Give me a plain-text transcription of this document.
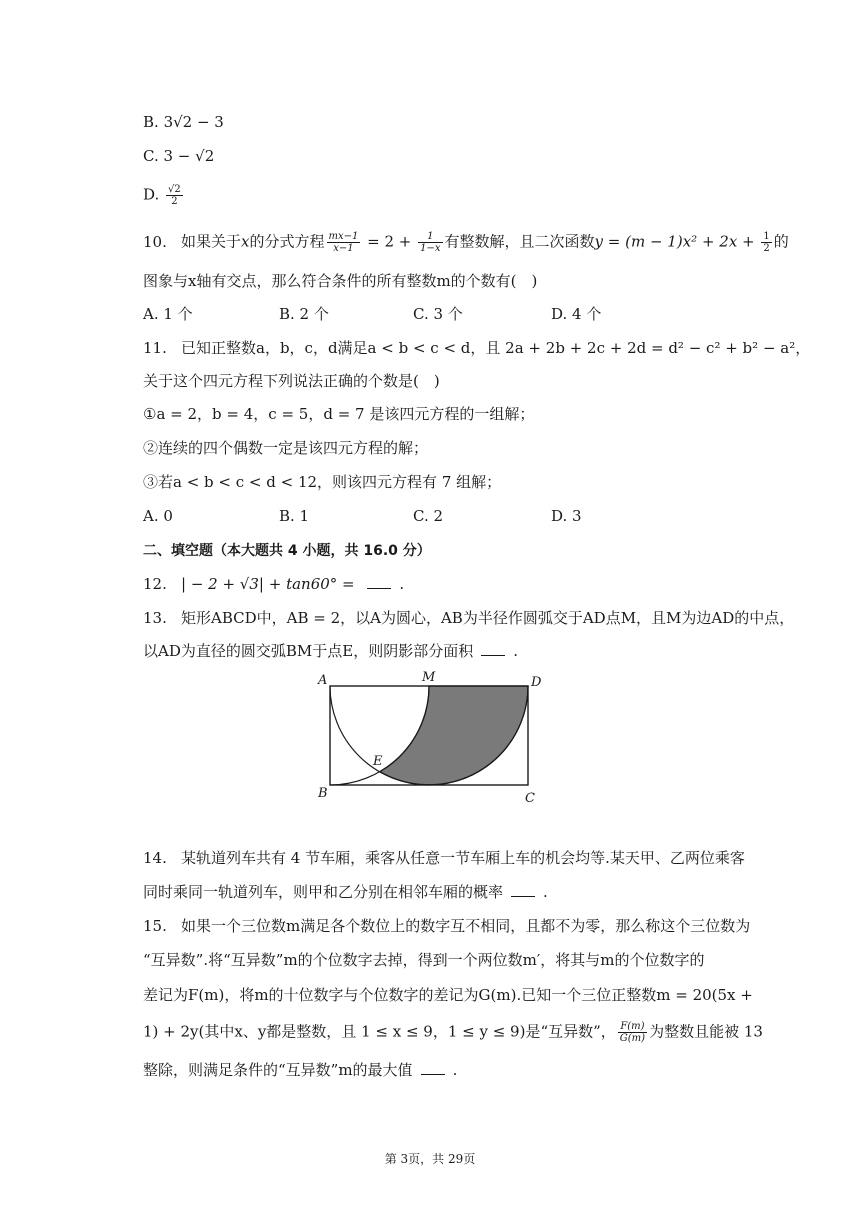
B. 3√2 − 3
C. 3 − √2
D. $\frac{√2}{2}$
10. 如果关于x的分式方程 $\frac{mx-1}{x-1} = 2 + \frac{1}{1-x}$ 有整数解，且二次函数$y = (m - 1)x^2 + 2x + \frac{1}{2}$ 的
图象与x轴有交点，那么符合条件的所有整数m的个数有(　)
A. 1 个	B. 2 个	C. 3 个	D. 4 个
11. 已知正整数a，b，c，d满足a < b < c < d，且 2a + 2b + 2c + 2d = d² − c² + b² − a²，
关于这个四元方程下列说法正确的个数是(　)
①a = 2，b = 4，c = 5，d = 7 是该四元方程的一组解；
②连续的四个偶数一定是该四元方程的解；
③若a < b < c < d < 12，则该四元方程有 7 组解；
A. 0	B. 1	C. 2	D. 3
二、填空题（本大题共 4 小题，共 16.0 分）
12. | − 2 + √3| + tan60° =	.
13. 矩形ABCD中，AB = 2，以A为圆心，AB为半径作圆弧交于AD点M，且M为边AD的中点，
以AD为直径的圆交弧BM于点E，则阴影部分面积	.
A	M	D
E
B	C
14. 某轨道列车共有 4 节车厢，乘客从任意一节车厢上车的机会均等.某天甲、乙两位乘客
同时乘同一轨道列车，则甲和乙分别在相邻车厢的概率	.
15. 如果一个三位数m满足各个数位上的数字互不相同，且都不为零，那么称这个三位数为
“互异数”.将“互异数”m的个位数字去掉，得到一个两位数m′，将其与m的个位数字的
差记为F(m)，将m的十位数字与个位数字的差记为G(m).已知一个三位正整数m = 20(5x +
1) + 2y(其中x、y都是整数，且 1 ≤ x ≤ 9，1 ≤ y ≤ 9)是“互异数”， $\frac{F(m)}{G(m)}$ 为整数且能被 13
整除，则满足条件的“互异数”m的最大值	.
第 3页，共 29页
